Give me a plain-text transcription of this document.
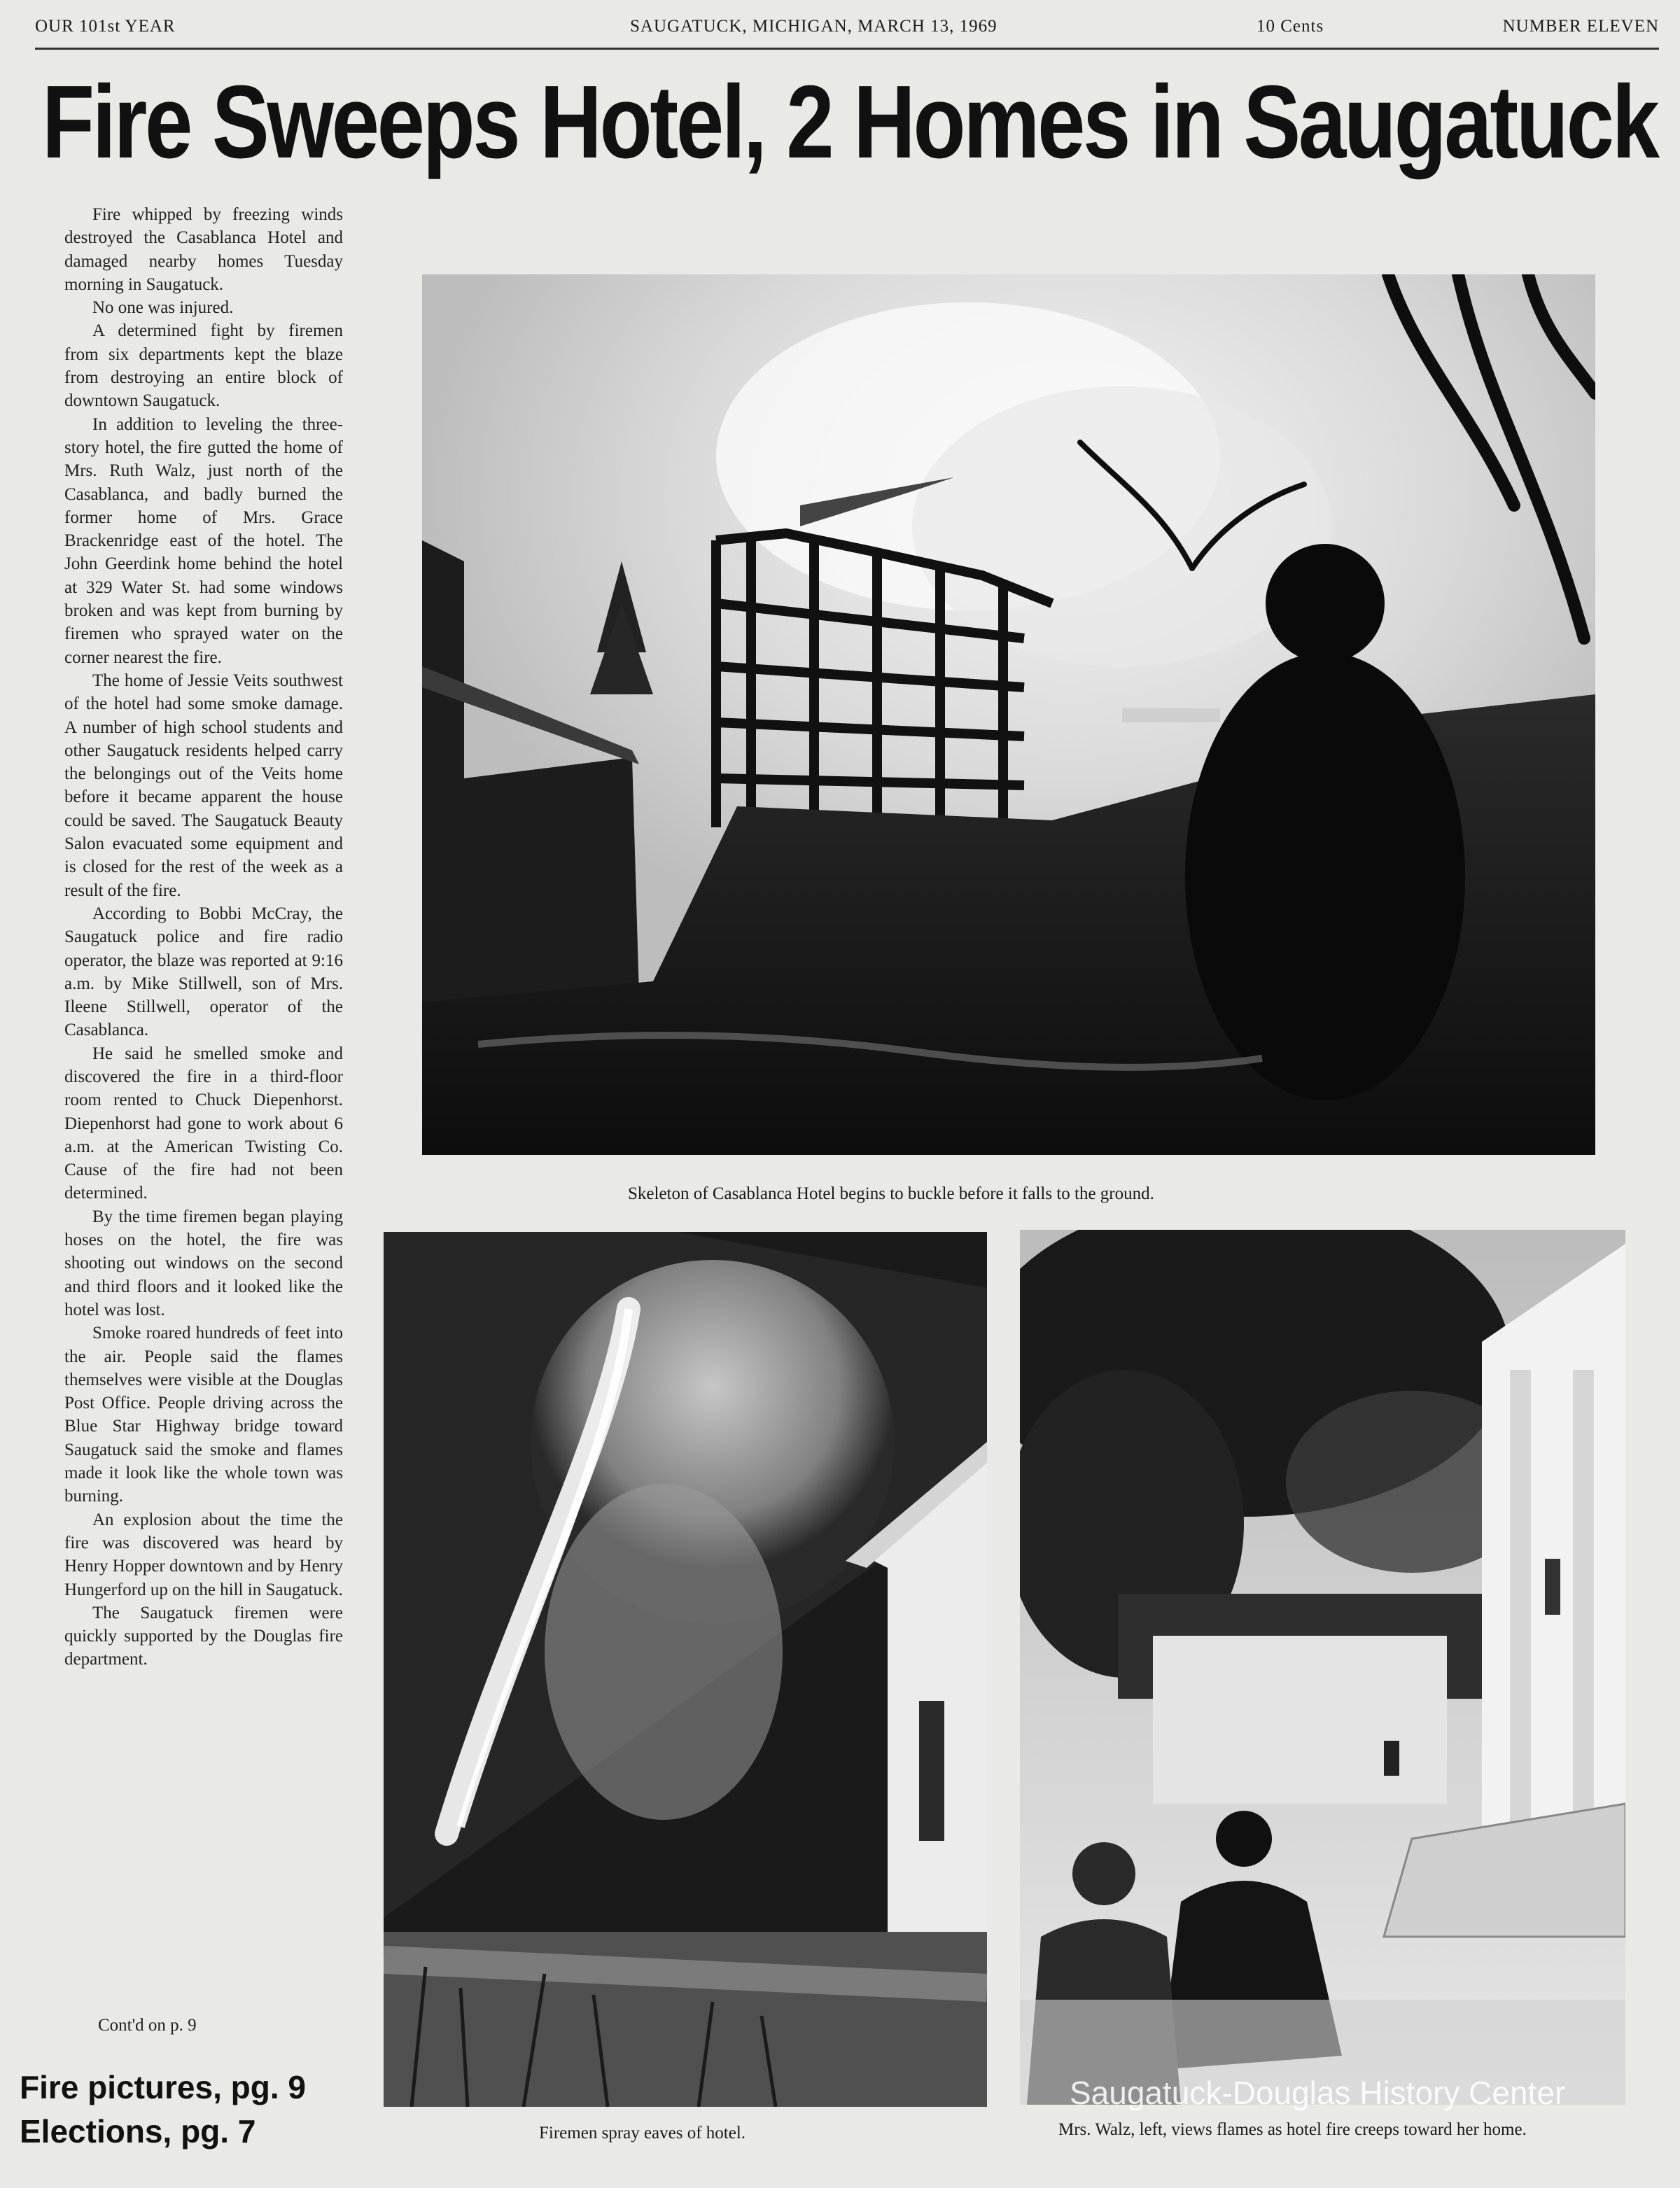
OUR 101st YEAR	SAUGATUCK, MICHIGAN, MARCH 13, 1969	10 Cents	NUMBER ELEVEN
Fire Sweeps Hotel, 2 Homes in Saugatuck

Fire whipped by freezing winds destroyed the Casablanca Hotel and damaged nearby homes Tuesday morning in Saugatuck.

No one was injured.

A determined fight by firemen from six departments kept the blaze from destroying an entire block of downtown Saugatuck.

In addition to leveling the three-story hotel, the fire gutted the home of Mrs. Ruth Walz, just north of the Casablanca, and badly burned the former home of Mrs. Grace Brackenridge east of the hotel. The John Geerdink home behind the hotel at 329 Water St. had some windows broken and was kept from burning by firemen who sprayed water on the corner nearest the fire.

The home of Jessie Veits southwest of the hotel had some smoke damage. A number of high school students and other Saugatuck residents helped carry the belongings out of the Veits home before it became apparent the house could be saved. The Saugatuck Beauty Salon evacuated some equipment and is closed for the rest of the week as a result of the fire.

According to Bobbi McCray, the Saugatuck police and fire radio operator, the blaze was reported at 9:16 a.m. by Mike Stillwell, son of Mrs. Ileene Stillwell, operator of the Casablanca.

He said he smelled smoke and discovered the fire in a third-floor room rented to Chuck Diepenhorst. Diepenhorst had gone to work about 6 a.m. at the American Twisting Co. Cause of the fire had not been determined.

By the time firemen began playing hoses on the hotel, the fire was shooting out windows on the second and third floors and it looked like the hotel was lost.

Smoke roared hundreds of feet into the air. People said the flames themselves were visible at the Douglas Post Office. People driving across the Blue Star Highway bridge toward Saugatuck said the smoke and flames made it look like the whole town was burning.

An explosion about the time the fire was discovered was heard by Henry Hopper downtown and by Henry Hungerford up on the hill in Saugatuck.

The Saugatuck firemen were quickly supported by the Douglas fire department.

Cont'd on p. 9
Fire pictures, pg. 9
Elections, pg. 7
Skeleton of Casablanca Hotel begins to buckle before it falls to the ground.
Firemen spray eaves of hotel.	Mrs. Walz, left, views flames as hotel fire creeps toward her home.
Saugatuck-Douglas History Center
